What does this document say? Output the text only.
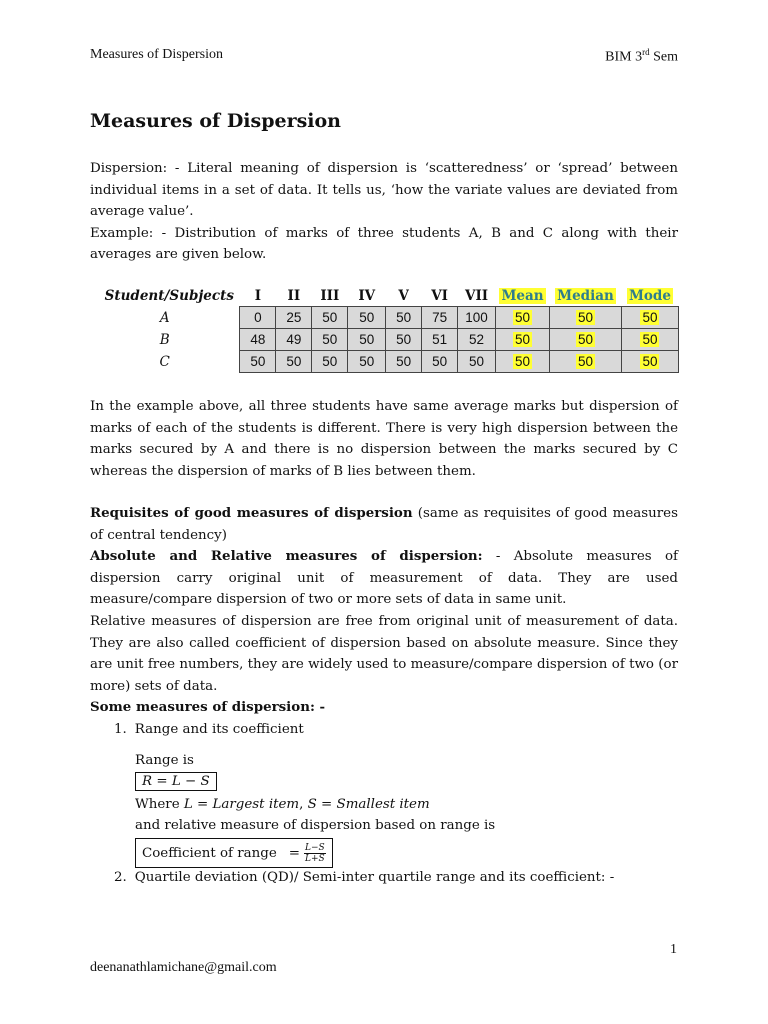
Measures of Dispersion	BIM 3rd Sem
Measures of Dispersion
Dispersion: - Literal meaning of dispersion is ‘scatteredness’ or ‘spread’ between
individual items in a set of data. It tells us, ‘how the variate values are deviated from
average value’.
Example: - Distribution of marks of three students A, B and C along with their
averages are given below.
Student/Subjects	I	II	III	IV	V	VI	VII	Mean	Median	Mode
A	0	25	50	50	50	75	100	50	50	50
B	48	49	50	50	50	51	52	50	50	50
C	50	50	50	50	50	50	50	50	50	50
In the example above, all three students have same average marks but dispersion of
marks of each of the students is different. There is very high dispersion between the
marks secured by A and there is no dispersion between the marks secured by C
whereas the dispersion of marks of B lies between them.
Requisites of good measures of dispersion (same as requisites of good measures
of central tendency)
Absolute and Relative measures of dispersion: - Absolute measures of
dispersion carry original unit of measurement of data. They are used
measure/compare dispersion of two or more sets of data in same unit.
Relative measures of dispersion are free from original unit of measurement of data.
They are also called coefficient of dispersion based on absolute measure. Since they
are unit free numbers, they are widely used to measure/compare dispersion of two (or
more) sets of data.
Some measures of dispersion: -
1. Range and its coefficient
Range is
R = L − S
Where L = Largest item, S = Smallest item
and relative measure of dispersion based on range is
Coefficient of range = $\frac{L-S}{L+S}$
2. Quartile deviation (QD)/ Semi-inter quartile range and its coefficient: -
1
deenanathlamichane@gmail.com
